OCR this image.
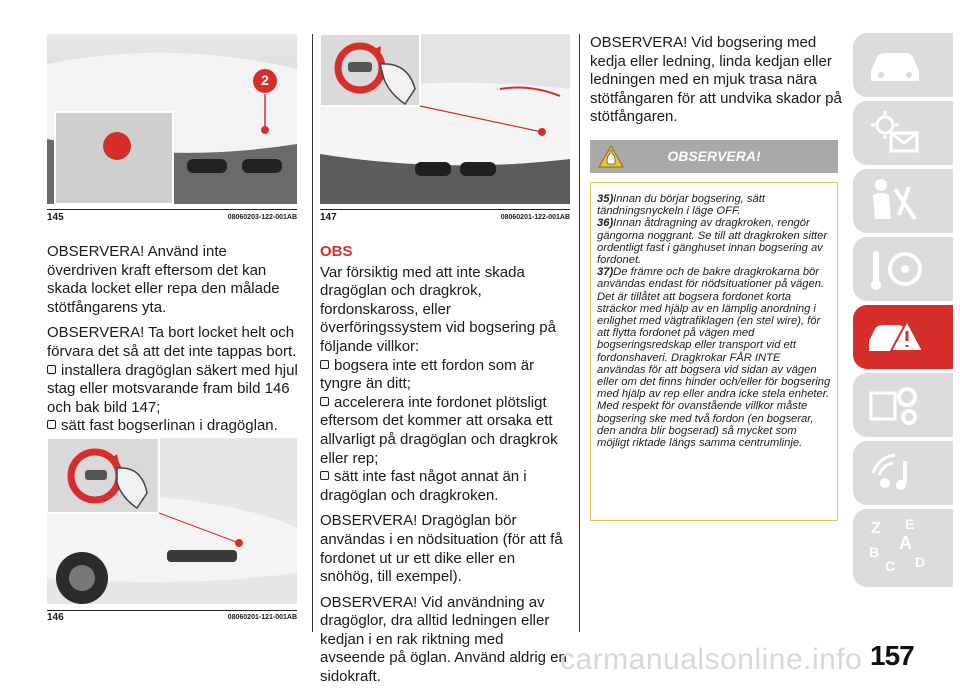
2
145	08060203-122-001AB
146	08060201-121-001AB
147	08060201-122-001AB

OBSERVERA! Använd inte överdriven kraft eftersom det kan skada locket eller repa den målade stötfångarens yta.

OBSERVERA! Ta bort locket helt och förvara det så att det inte tappas bort.

installera dragöglan säkert med hjul stag eller motsvarande fram bild 146 och bak bild 147;
sätt fast bogserlinan i dragöglan.
OBS

Var försiktig med att inte skada dragöglan och dragkrok, fordonskaross, eller överföringssystem vid bogsering på följande villkor:

bogsera inte ett fordon som är tyngre än ditt;
accelerera inte fordonet plötsligt eftersom det kommer att orsaka ett allvarligt på dragöglan och dragkrok eller rep;
sätt inte fast något annat än i dragöglan och dragkroken.

OBSERVERA! Dragöglan bör användas i en nödsituation (för att få fordonet ut ur ett dike eller en snöhög, till exempel).

OBSERVERA! Vid användning av dragöglor, dra alltid ledningen eller kedjan i en rak riktning med avseende på öglan. Använd aldrig en sidokraft.

OBSERVERA! Vid bogsering med kedja eller ledning, linda kedjan eller ledningen med en mjuk trasa nära stötfångaren för att undvika skador på stötfångaren.

OBSERVERA!

35)Innan du börjar bogsering, sätt tändningsnyckeln i läge OFF.

36)Innan åtdragning av dragkroken, rengör gängorna noggrant. Se till att dragkroken sitter ordentligt fast i gänghuset innan bogsering av fordonet.

37)De främre och de bakre dragkrokarna bör användas endast för nödsituationer på vägen. Det är tillåtet att bogsera fordonet korta sträckor med hjälp av en lämplig anordning i enlighet med vägtrafiklagen (en stel wire), för att flytta fordonet på vägen med bogseringsredskap eller transport vid ett fordonshaveri. Dragkrokar FÅR INTE användas för att bogsera vid sidan av vägen eller om det finns hinder och/eller för bogsering med hjälp av rep eller andra icke stela enheter. Med respekt för ovanstående villkor måste bogsering ske med två fordon (en bogserar, den andra blir bogserad) så mycket som möjligt riktade längs samma centrumlinje.

Z E
A
B
C D
carmanualsonline.info 157
